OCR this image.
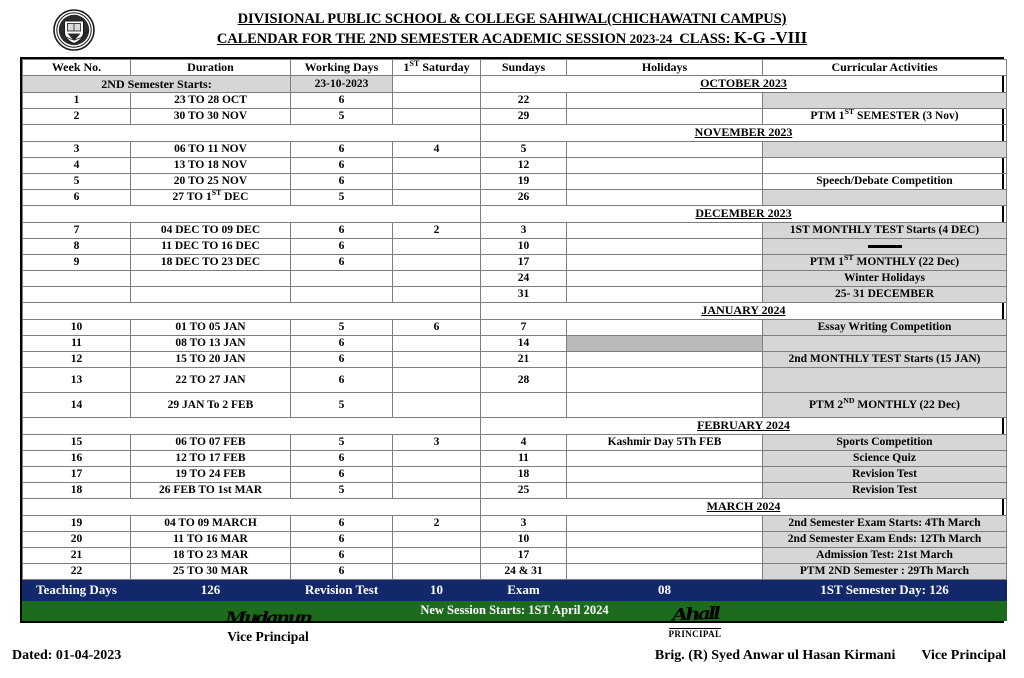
DIVISIONAL PUBLIC SCHOOL & COLLEGE SAHIWAL(CHICHAWATNI CAMPUS)
CALENDAR FOR THE 2ND SEMESTER ACADEMIC SESSION 2023-24 CLASS: K-G -VIII
Week No.	Duration	Working Days	1ST Saturday	Sundays	Holidays	Curricular Activities
2ND Semester Starts:		23-10-2023		OCTOBER 2023		
1	23 TO 28 OCT	6		22		
2	30 TO 30 NOV	5		29		PTM 1ST SEMESTER (3 Nov)
				NOVEMBER 2023		
3	06 TO 11 NOV	6	4	5		
4	13 TO 18 NOV	6		12		
5	20 TO 25 NOV	6		19		Speech/Debate Competition
6	27 TO 1ST DEC	5		26		
				DECEMBER 2023		
7	04 DEC TO 09 DEC	6	2	3		1ST MONTHLY TEST Starts (4 DEC)
8	11 DEC TO 16 DEC	6		10		
9	18 DEC TO 23 DEC	6		17		PTM 1ST MONTHLY (22 Dec)
				24		Winter Holidays
				31		25- 31 DECEMBER
				JANUARY 2024		
10	01 TO 05 JAN	5	6	7		Essay Writing Competition
11	08 TO 13 JAN	6		14		
12	15 TO 20 JAN	6		21		2nd MONTHLY TEST Starts (15 JAN)
13	22 TO 27 JAN	6		28		
14	29 JAN To 2 FEB	5				PTM 2ND MONTHLY (22 Dec)
				FEBRUARY 2024		
15	06 TO 07 FEB	5	3	4	Kashmir Day 5Th FEB	Sports Competition
16	12 TO 17 FEB	6		11		Science Quiz
17	19 TO 24 FEB	6		18		Revision Test
18	26 FEB TO 1st MAR	5		25		Revision Test
				MARCH 2024		
19	04 TO 09 MARCH	6	2	3		2nd Semester Exam Starts: 4Th March
20	11 TO 16 MAR	6		10		2nd Semester Exam Ends: 12Th March
21	18 TO 23 MAR	6		17		Admission Test: 21st March
22	25 TO 30 MAR	6		24 & 31		PTM 2ND Semester : 29Th March
Teaching Days	126	Revision Test	10	Exam	08	1ST Semester Day: 126
New Session Starts: 1ST April 2024						
Mudanun
Vice Principal
Ahall
PRINCIPAL
Dated: 01-04-2023	Brig. (R) Syed Anwar ul Hasan Kirmani Vice Principal
